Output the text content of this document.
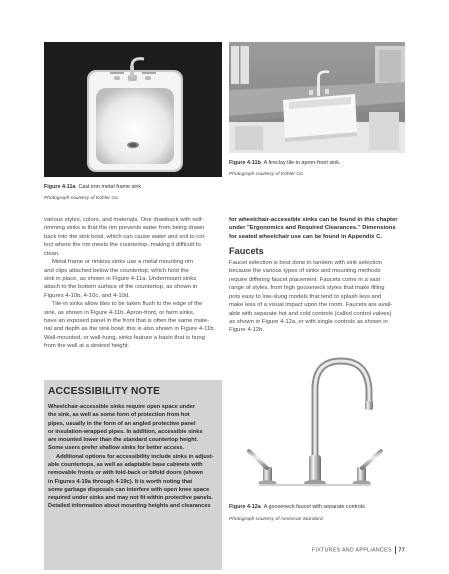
Figure 4-11b A fireclay tile-in apron-front sink.
Photograph courtesy of Kohler Co.
Figure 4-11a Cast iron metal frame sink.
Photograph courtesy of Kohler Co.

various styles, colors, and materials. One drawback with self-
rimming sinks is that the rim prevents water from being drawn
back into the sink bowl, which can cause water and soil to col-
lect where the rim meets the countertop, making it difficult to
clean.

Metal frame or rimless sinks use a metal mounting rim
and clips attached below the countertop, which hold the
sink in place, as shown in Figure 4-11a. Undermount sinks
attach to the bottom surface of the countertop, as shown in
Figures 4-10b, 4-10c, and 4-10d.

Tile-in sinks allow tiles to be taken flush to the edge of the
sink, as shown in Figure 4-11b. Apron-front, or farm sinks,
have an exposed panel in the front that is often the same mate-
rial and depth as the sink bowl; this is also shown in Figure 4-11b.
Wall-mounted, or wall-hung, sinks feature a basin that is hung
from the wall at a desired height.

ACCESSIBILITY NOTE

Wheelchair-accessible sinks require open space under
the sink, as well as some form of protection from hot
pipes, usually in the form of an angled protective panel
or insulation-wrapped pipes. In addition, accessible sinks
are mounted lower than the standard countertop height.
Some users prefer shallow sinks for better access.

Additional options for accessibility include sinks in adjust-
able countertops, as well as adaptable base cabinets with
removable fronts or with fold-back or bifold doors (shown
in Figures 4-19a through 4-19c). It is worth noting that
some garbage disposals can interfere with open knee space
required under sinks and may not fit within protective panels.
Detailed information about mounting heights and clearances

for wheelchair-accessible sinks can be found in this chapter
under "Ergonomics and Required Clearances." Dimensions
for seated wheelchair use can be found in Appendix C.

Faucets

Faucet selection is best done in tandem with sink selection
because the various types of sinks and mounting methods
require differing faucet placement. Faucets come in a vast
range of styles, from high gooseneck styles that make filling
pots easy to low-slung models that tend to splash less and
make less of a visual impact upon the room. Faucets are avail-
able with separate hot and cold controls (called control valves)
as shown in Figure 4-12a, or with single controls as shown in
Figure 4-12b.

Figure 4-12a A gooseneck faucet with separate controls.
Photograph courtesy of American Standard.
FIXTURES AND APPLIANCES 77
